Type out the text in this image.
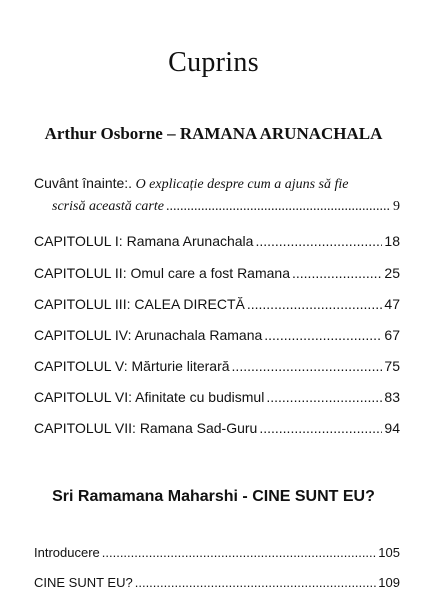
Cuprins
Arthur Osborne – RAMANA ARUNACHALA
Cuvânt înainte:. O explicație despre cum a ajuns să fie
scrisă această carte .....	9
CAPITOLUL I: Ramana Arunachala .....	18
CAPITOLUL II: Omul care a fost Ramana .....	25
CAPITOLUL III: CALEA DIRECTĂ .....	47
CAPITOLUL IV: Arunachala Ramana .....	67
CAPITOLUL V: Mărturie literară .....	75
CAPITOLUL VI: Afinitate cu budismul .....	83
CAPITOLUL VII: Ramana Sad-Guru .....	94
Sri Ramamana Maharshi - CINE SUNT EU?
Introducere .....	105
CINE SUNT EU? .....	109
